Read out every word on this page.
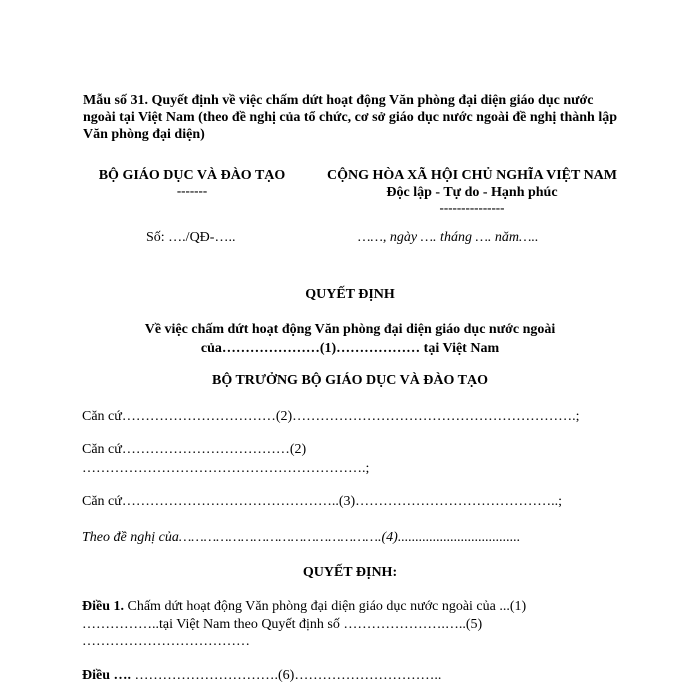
Mẫu số 31. Quyết định về việc chấm dứt hoạt động Văn phòng đại diện giáo dục nước ngoài tại Việt Nam (theo đề nghị của tổ chức, cơ sở giáo dục nước ngoài đề nghị thành lập Văn phòng đại diện)
BỘ GIÁO DỤC VÀ ĐÀO TẠO
-------
CỘNG HÒA XÃ HỘI CHỦ NGHĨA VIỆT NAM
Độc lập - Tự do - Hạnh phúc
---------------
Số: …./QĐ-…..	……, ngày …. tháng …. năm…..
QUYẾT ĐỊNH
Về việc chấm dứt hoạt động Văn phòng đại diện giáo dục nước ngoài
của…………………(1)……………… tại Việt Nam
BỘ TRƯỞNG BỘ GIÁO DỤC VÀ ĐÀO TẠO
Căn cứ……………………………(2)…………………………………………………….;
Căn cứ………………………………(2)
…………………………………………………….;
Căn cứ………………………………………..(3)……………………………………..;
Theo đề nghị của………………………………………….(4)...................................
QUYẾT ĐỊNH:
Điều 1. Chấm dứt hoạt động Văn phòng đại diện giáo dục nước ngoài của ...(1)
……………..tại Việt Nam theo Quyết định số ………………….…..(5)
………………………………
Điều …. ………………………….(6)…………………………..
